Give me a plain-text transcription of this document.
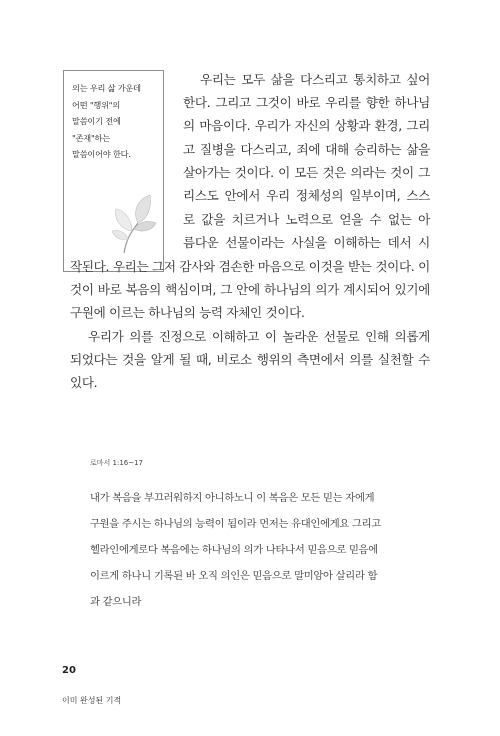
의는 우리 삶 가운데
어떤 "행위"의
말씀이기 전에
"존재"하는
말씀이어야 한다.
우리는 모두 삶을 다스리고 통치하고 싶어
한다. 그리고 그것이 바로 우리를 향한 하나님
의 마음이다. 우리가 자신의 상황과 환경, 그리
고 질병을 다스리고, 죄에 대해 승리하는 삶을
살아가는 것이다. 이 모든 것은 의라는 것이 그
리스도 안에서 우리 정체성의 일부이며, 스스
로 값을 치르거나 노력으로 얻을 수 없는 아
름다운 선물이라는 사실을 이해하는 데서 시
작된다. 우리는 그저 감사와 겸손한 마음으로 이것을 받는 것이다. 이
것이 바로 복음의 핵심이며, 그 안에 하나님의 의가 계시되어 있기에
구원에 이르는 하나님의 능력 자체인 것이다.
우리가 의를 진정으로 이해하고 이 놀라운 선물로 인해 의롭게
되었다는 것을 알게 될 때, 비로소 행위의 측면에서 의를 실천할 수
있다.
로마서 1:16~17
내가 복음을 부끄러워하지 아니하노니 이 복음은 모든 믿는 자에게
구원을 주시는 하나님의 능력이 됨이라 먼저는 유대인에게요 그리고
헬라인에게로다 복음에는 하나님의 의가 나타나서 믿음으로 믿음에
이르게 하나니 기록된 바 오직 의인은 믿음으로 말미암아 살리라 함
과 같으니라
20
이미 완성된 기적
